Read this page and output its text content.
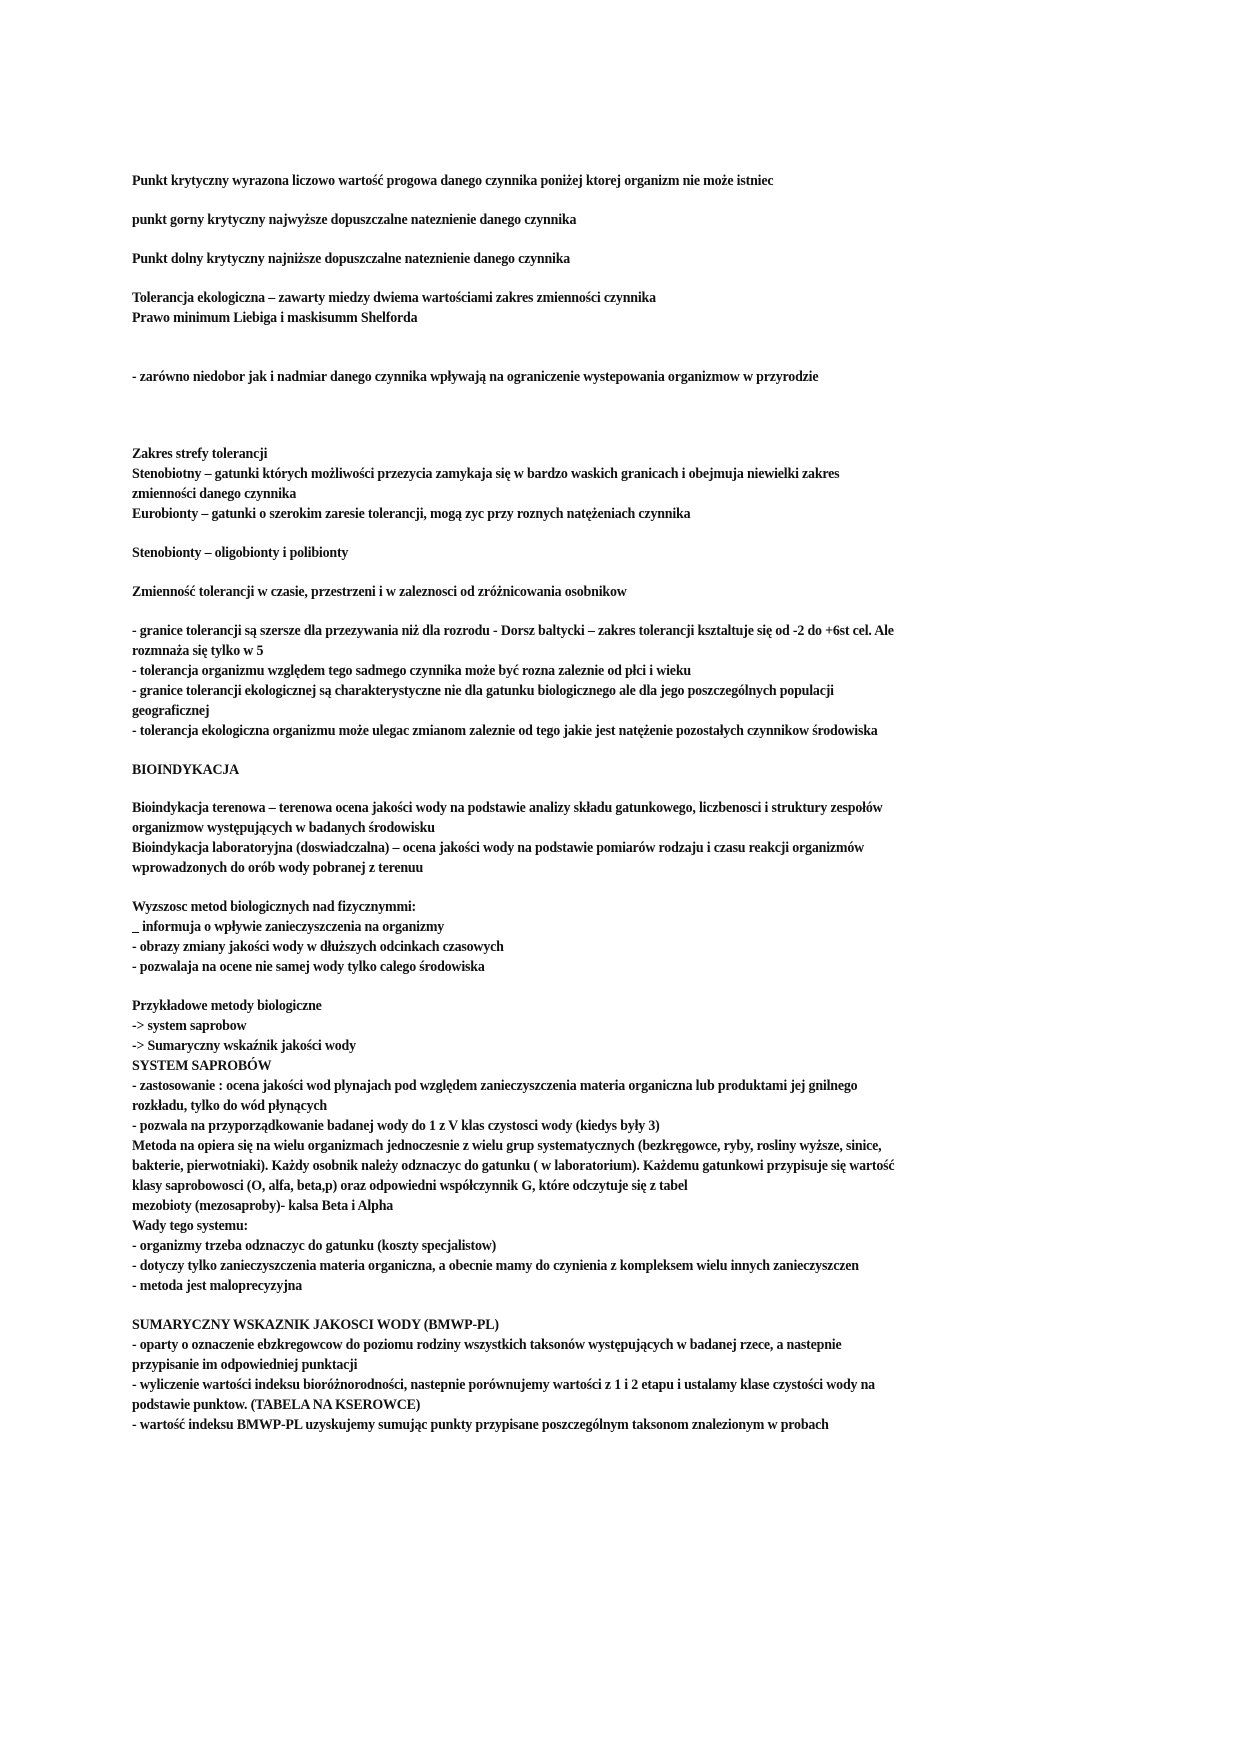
Punkt krytyczny wyrazona liczowo wartość progowa danego czynnika poniżej ktorej organizm nie może istniec
punkt gorny krytyczny najwyższe dopuszczalne nateznienie danego czynnika
Punkt dolny krytyczny najniższe dopuszczalne nateznienie danego czynnika
Tolerancja ekologiczna – zawarty miedzy dwiema wartościami zakres zmienności czynnika
Prawo minimum Liebiga i maskisumm Shelforda
- zarówno niedobor jak i nadmiar danego czynnika wpływają na ograniczenie wystepowania organizmow w przyrodzie
Zakres strefy tolerancji
Stenobiotny – gatunki których możliwości przezycia zamykaja się w bardzo waskich granicach i obejmuja niewielki zakres
zmienności danego czynnika
Eurobionty – gatunki o szerokim zaresie tolerancji, mogą zyc przy roznych natężeniach czynnika
Stenobionty – oligobionty i polibionty
Zmienność tolerancji w czasie, przestrzeni i w zaleznosci od zróżnicowania osobnikow
- granice tolerancji są szersze dla przezywania niż dla rozrodu - Dorsz baltycki – zakres tolerancji ksztaltuje się od -2 do +6st cel. Ale
rozmnaża się tylko w 5
- tolerancja organizmu względem tego sadmego czynnika może być rozna zaleznie od płci i wieku
- granice tolerancji ekologicznej są charakterystyczne nie dla gatunku biologicznego ale dla jego poszczególnych populacji
geograficznej
- tolerancja ekologiczna organizmu może ulegac zmianom zaleznie od tego jakie jest natężenie pozostałych czynnikow środowiska
BIOINDYKACJA
Bioindykacja terenowa – terenowa ocena jakości wody na podstawie analizy składu gatunkowego, liczbenosci i struktury zespołów
organizmow występujących w badanych środowisku
Bioindykacja laboratoryjna (doswiadczalna) – ocena jakości wody na podstawie pomiarów rodzaju i czasu reakcji organizmów
wprowadzonych do orób wody pobranej z terenuu
Wyzszosc metod biologicznych nad fizycznymmi:
_ informuja o wpływie zanieczyszczenia na organizmy
- obrazy zmiany jakości wody w dłuższych odcinkach czasowych
- pozwalaja na ocene nie samej wody tylko calego środowiska
Przykładowe metody biologiczne
-> system saprobow
-> Sumaryczny wskaźnik jakości wody
SYSTEM SAPROBÓW
- zastosowanie : ocena jakości wod plynajach pod względem zanieczyszczenia materia organiczna lub produktami jej gnilnego
rozkładu, tylko do wód płynących
- pozwala na przyporządkowanie badanej wody do 1 z V klas czystosci wody (kiedys były 3)
Metoda na opiera się na wielu organizmach jednoczesnie z wielu grup systematycznych (bezkręgowce, ryby, rosliny wyższe, sinice,
bakterie, pierwotniaki). Każdy osobnik należy odznaczyc do gatunku ( w laboratorium). Każdemu gatunkowi przypisuje się wartość
klasy saprobowosci (O, alfa, beta,p) oraz odpowiedni współczynnik G, które odczytuje się z tabel
mezobioty (mezosaproby)- kalsa Beta i Alpha
Wady tego systemu:
- organizmy trzeba odznaczyc do gatunku (koszty specjalistow)
- dotyczy tylko zanieczyszczenia materia organiczna, a obecnie mamy do czynienia z kompleksem wielu innych zanieczyszczen
- metoda jest maloprecyzyjna
SUMARYCZNY WSKAZNIK JAKOSCI WODY (BMWP-PL)
- oparty o oznaczenie ebzkregowcow do poziomu rodziny wszystkich taksonów występujących w badanej rzece, a nastepnie
przypisanie im odpowiedniej punktacji
- wyliczenie wartości indeksu bioróżnorodności, nastepnie porównujemy wartości z 1 i 2 etapu i ustalamy klase czystości wody na
podstawie punktow. (TABELA NA KSEROWCE)
- wartość indeksu BMWP-PL uzyskujemy sumując punkty przypisane poszczególnym taksonom znalezionym w probach
